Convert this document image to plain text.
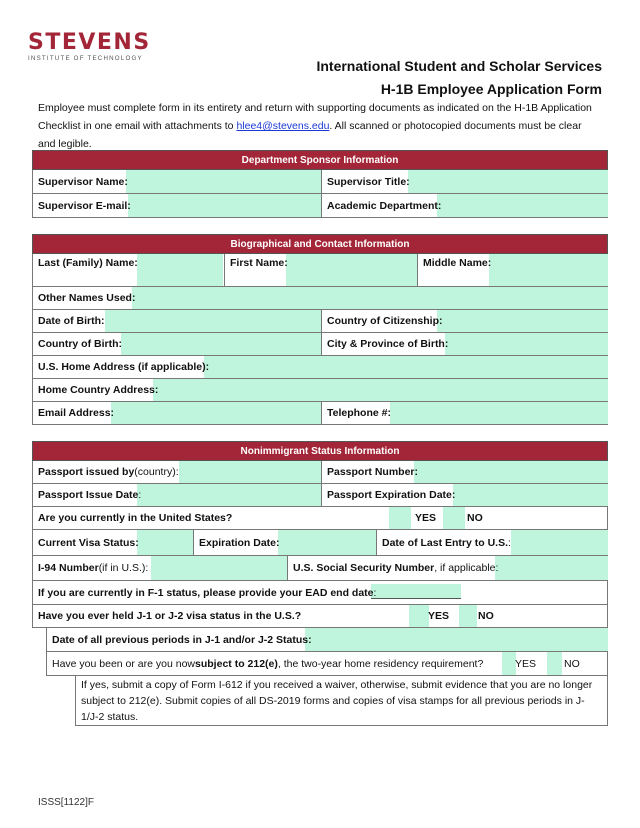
STEVENS
INSTITUTE OF TECHNOLOGY	International Student and Scholar Services
H-1B Employee Application Form
Employee must complete form in its entirety and return with supporting documents as indicated on the H-1B Application Checklist in one email with attachments to hlee4@stevens.edu. All scanned or photocopied documents must be clear and legible.
Department Sponsor Information
Supervisor Name:	Supervisor Title:
Supervisor E-mail:	Academic Department:
Biographical and Contact Information
Last (Family) Name:	First Name:	Middle Name:
Other Names Used:
Date of Birth:	Country of Citizenship:
Country of Birth:	City & Province of Birth:
U.S. Home Address (if applicable):
Home Country Address:
Email Address:	Telephone #:
Nonimmigrant Status Information
Passport issued by (country):	Passport Number:
Passport Issue Date :	Passport Expiration Date:
Are you currently in the United States?	YES	NO
Current Visa Status:	Expiration Date:	Date of Last Entry to U.S. :
I-94 Number (if in U.S.):	U.S. Social Security Number , if applicable:
If you are currently in F-1 status, please provide your EAD end date :
Have you ever held J-1 or J-2 visa status in the U.S.?	YES	NO
Date of all previous periods in J-1 and/or J-2 Status:
Have you been or are you now subject to 212(e) , the two-year home residency requirement?	YES	NO
If yes, submit a copy of Form I-612 if you received a waiver, otherwise, submit evidence that you are no longer subject to 212(e). Submit copies of all DS-2019 forms and copies of visa stamps for all previous periods in J-1/J-2 status.
ISSS[1122]F
